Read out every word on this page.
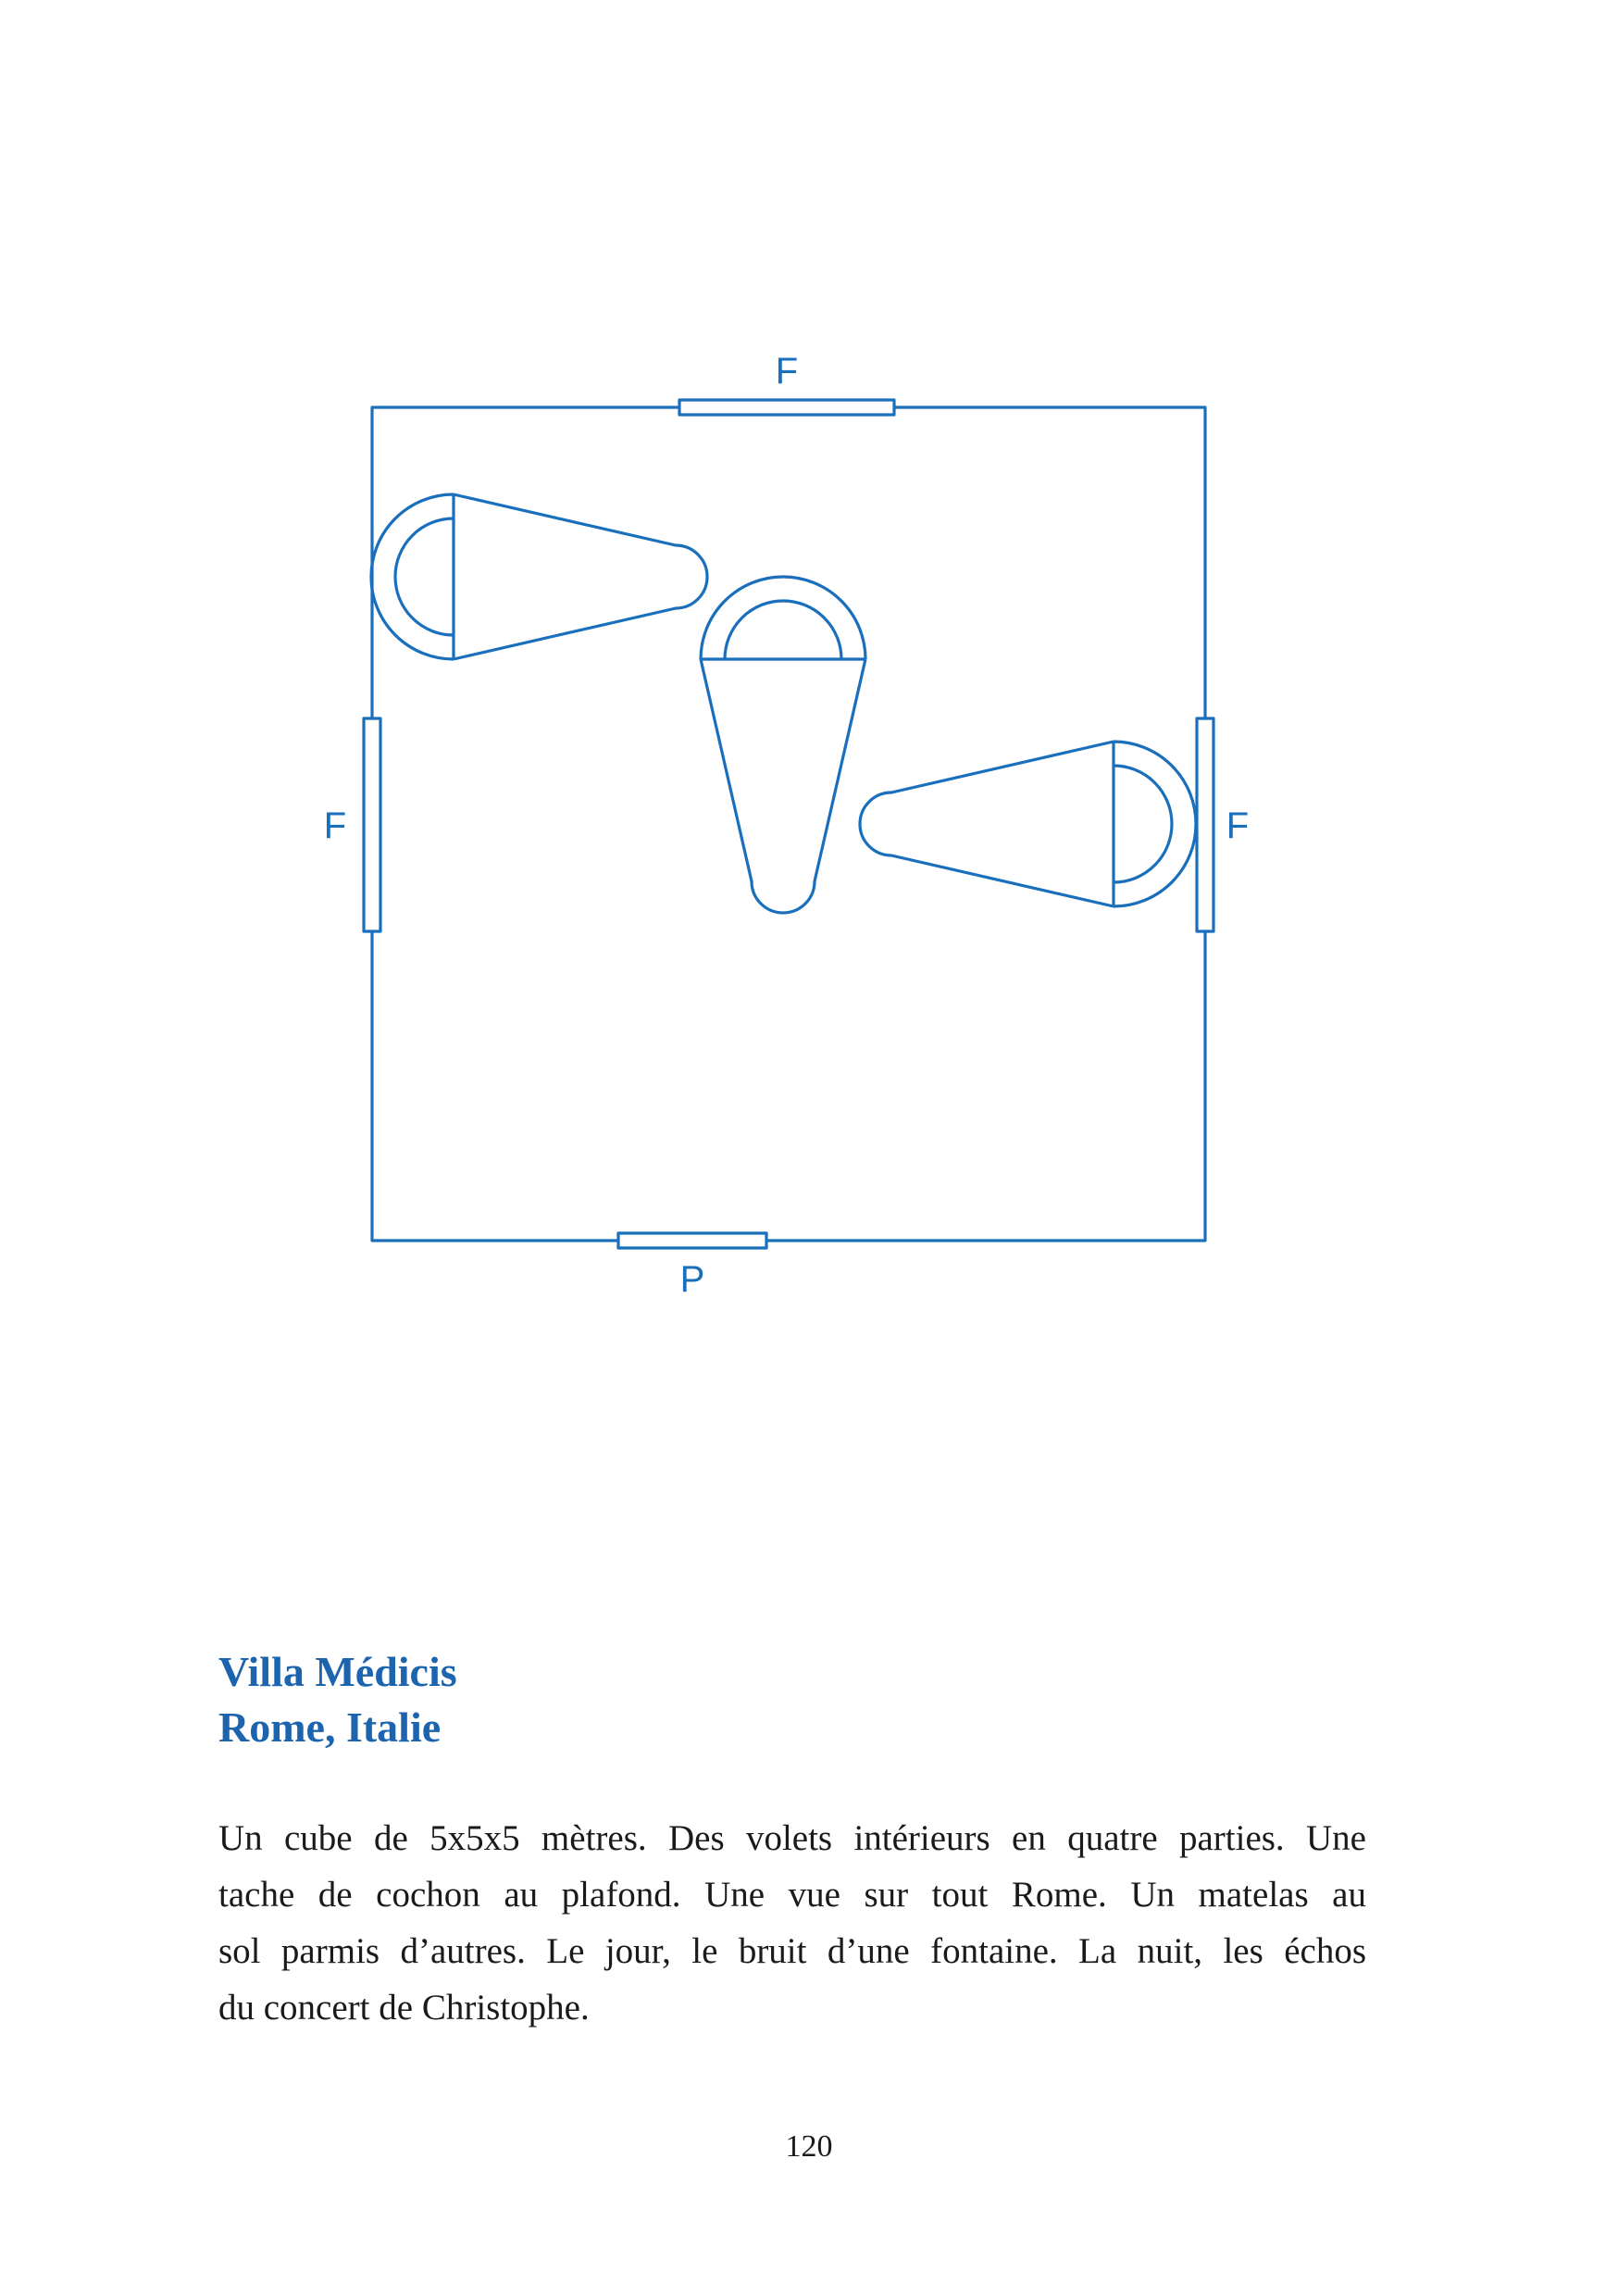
F
F	F
P
Villa Médicis
Rome, Italie

Un cube de 5x5x5 mètres. Des volets intérieurs en quatre parties. Une
tache de cochon au plafond. Une vue sur tout Rome. Un matelas au
sol parmis d’autres. Le jour, le bruit d’une fontaine. La nuit, les échos
du concert de Christophe.

120
